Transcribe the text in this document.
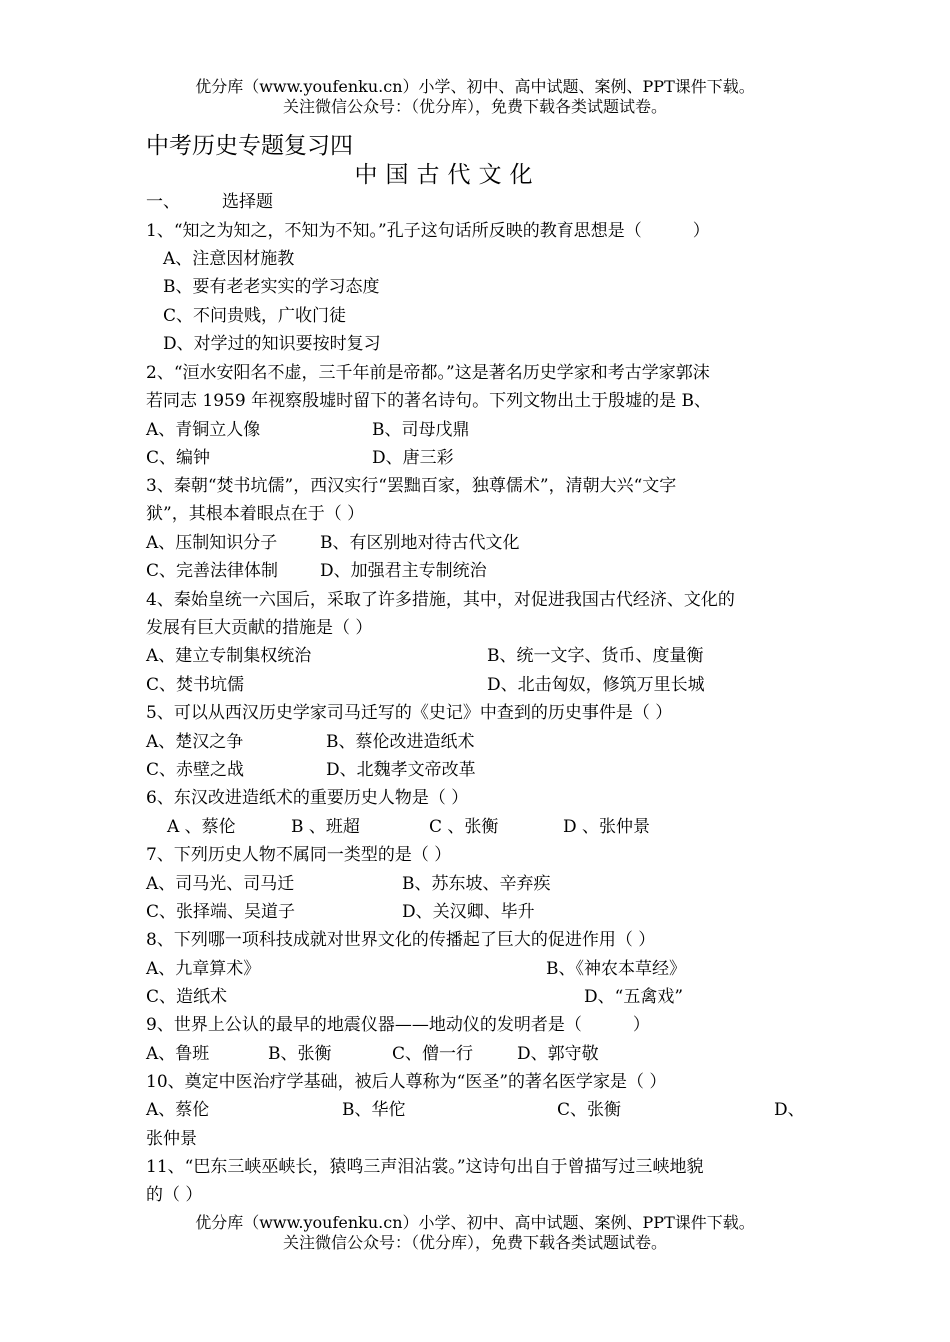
优分库（www.youfenku.cn）小学、初中、高中试题、案例、PPT课件下载。
关注微信公众号：（优分库），免费下载各类试题试卷。
中考历史专题复习四
中国古代文化
一、 选择题
1、“知之为知之，不知为不知。”孔子这句话所反映的教育思想是（　　　）
A、注意因材施教
B、要有老老实实的学习态度
C、不问贵贱，广收门徒
D、对学过的知识要按时复习
2、“洹水安阳名不虚，三千年前是帝都。”这是著名历史学家和考古学家郭沫
若同志 1959 年视察殷墟时留下的著名诗句。下列文物出土于殷墟的是 B、
A、青铜立人像	B、司母戊鼎
C、编钟	D、唐三彩
3、秦朝“焚书坑儒”，西汉实行“罢黜百家，独尊儒术”，清朝大兴“文字
狱”，其根本着眼点在于（ ）
A、压制知识分子	B、有区别地对待古代文化
C、完善法律体制 D、加强君主专制统治
4、秦始皇统一六国后，采取了许多措施，其中，对促进我国古代经济、文化的
发展有巨大贡献的措施是（ ）
A、建立专制集权统治	B、统一文字、货币、度量衡
C、焚书坑儒	D、北击匈奴，修筑万里长城
5、可以从西汉历史学家司马迁写的《史记》中查到的历史事件是（ ）
A、楚汉之争	B、蔡伦改进造纸术
C、赤壁之战	D、北魏孝文帝改革
6、东汉改进造纸术的重要历史人物是（ ）
A 、蔡伦	B 、班超	C 、张衡	D 、张仲景
7、下列历史人物不属同一类型的是（ ）
A、司马光、司马迁	B、苏东坡、辛弃疾
C、张择端、吴道子	D、关汉卿、毕升
8、下列哪一项科技成就对世界文化的传播起了巨大的促进作用（ ）
A、九章算术》	B、《神农本草经》
C、造纸术	D、“五禽戏”
9、世界上公认的最早的地震仪器——地动仪的发明者是（　　　）
A、鲁班	B、张衡	C、僧一行	D、郭守敬
10、奠定中医治疗学基础，被后人尊称为“医圣”的著名医学家是（ ）
A、蔡伦	B、华佗	C、张衡	D、
张仲景
11、“巴东三峡巫峡长，猿鸣三声泪沾裳。”这诗句出自于曾描写过三峡地貌
的（ ）
优分库（www.youfenku.cn）小学、初中、高中试题、案例、PPT课件下载。
关注微信公众号：（优分库），免费下载各类试题试卷。
